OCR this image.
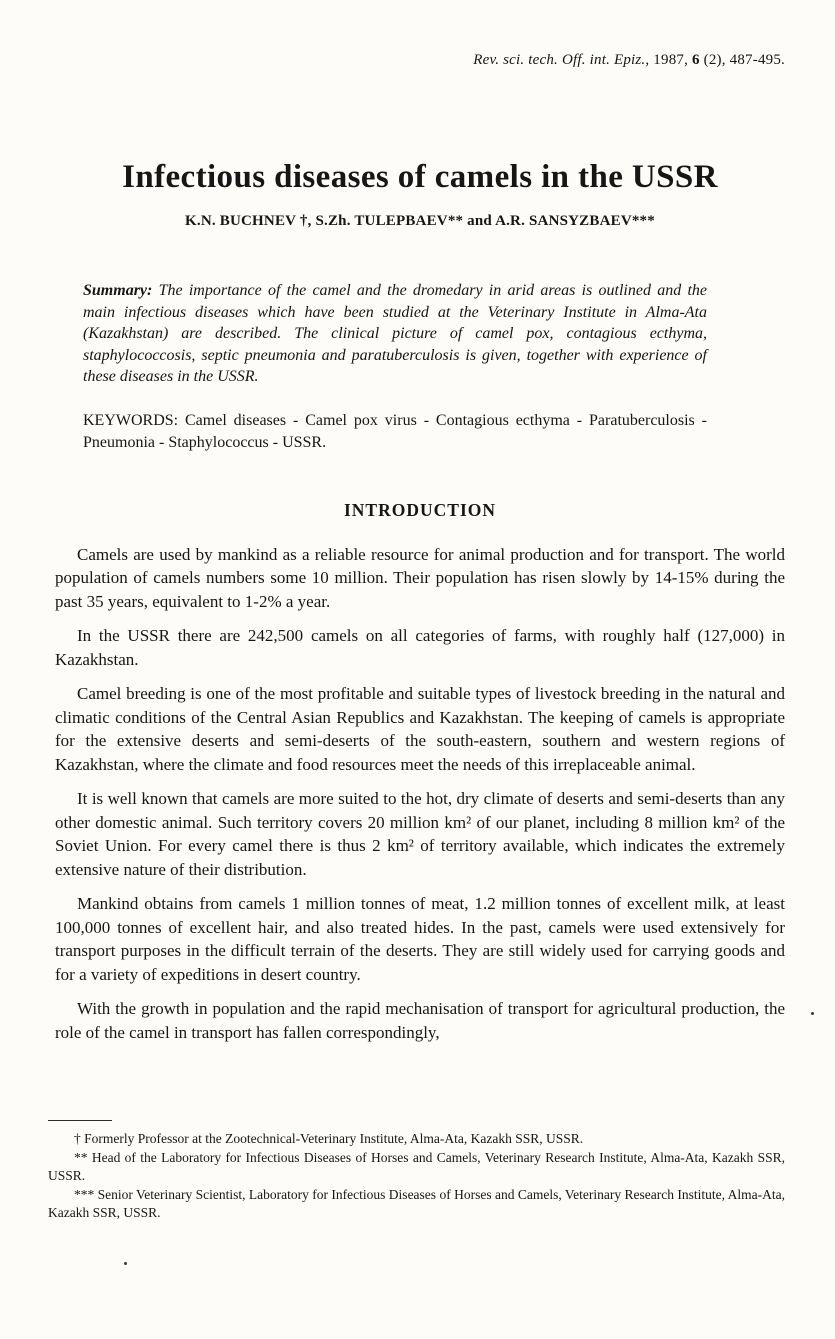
Rev. sci. tech. Off. int. Epiz., 1987, 6 (2), 487-495.
Infectious diseases of camels in the USSR
K.N. BUCHNEV †, S.Zh. TULEPBAEV** and A.R. SANSYZBAEV***
Summary: The importance of the camel and the dromedary in arid areas is outlined and the main infectious diseases which have been studied at the Veterinary Institute in Alma-Ata (Kazakhstan) are described. The clinical picture of camel pox, contagious ecthyma, staphylococcosis, septic pneumonia and paratuberculosis is given, together with experience of these diseases in the USSR.
KEYWORDS: Camel diseases - Camel pox virus - Contagious ecthyma - Paratuberculosis - Pneumonia - Staphylococcus - USSR.
INTRODUCTION

Camels are used by mankind as a reliable resource for animal production and for transport. The world population of camels numbers some 10 million. Their population has risen slowly by 14-15% during the past 35 years, equivalent to 1-2% a year.

In the USSR there are 242,500 camels on all categories of farms, with roughly half (127,000) in Kazakhstan.

Camel breeding is one of the most profitable and suitable types of livestock breeding in the natural and climatic conditions of the Central Asian Republics and Kazakhstan. The keeping of camels is appropriate for the extensive deserts and semi-deserts of the south-eastern, southern and western regions of Kazakhstan, where the climate and food resources meet the needs of this irreplaceable animal.

It is well known that camels are more suited to the hot, dry climate of deserts and semi-deserts than any other domestic animal. Such territory covers 20 million km² of our planet, including 8 million km² of the Soviet Union. For every camel there is thus 2 km² of territory available, which indicates the extremely extensive nature of their distribution.

Mankind obtains from camels 1 million tonnes of meat, 1.2 million tonnes of excellent milk, at least 100,000 tonnes of excellent hair, and also treated hides. In the past, camels were used extensively for transport purposes in the difficult terrain of the deserts. They are still widely used for carrying goods and for a variety of expeditions in desert country.

With the growth in population and the rapid mechanisation of transport for agricultural production, the role of the camel in transport has fallen correspondingly,

† Formerly Professor at the Zootechnical-Veterinary Institute, Alma-Ata, Kazakh SSR, USSR.

** Head of the Laboratory for Infectious Diseases of Horses and Camels, Veterinary Research Institute, Alma-Ata, Kazakh SSR, USSR.

*** Senior Veterinary Scientist, Laboratory for Infectious Diseases of Horses and Camels, Veterinary Research Institute, Alma-Ata, Kazakh SSR, USSR.
